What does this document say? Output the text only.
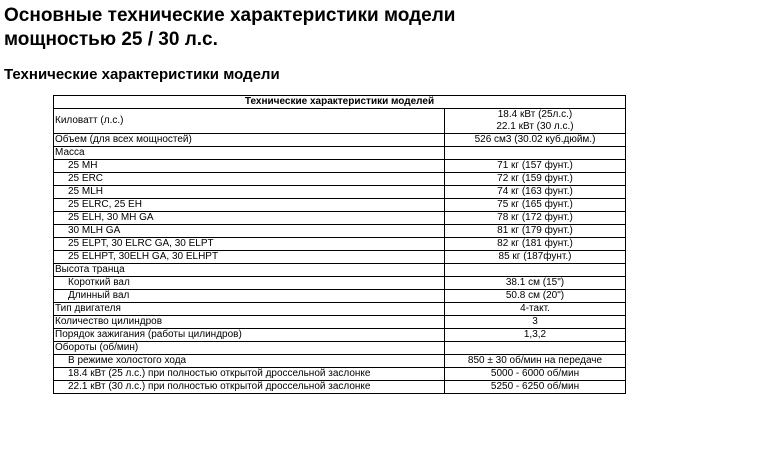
Основные технические характеристики модели
мощностью 25 / 30 л.с.
Технические характеристики модели
Технические характеристики моделей	
Киловатт (л.с.)	18.4 кВт (25л.с.)
22.1 кВт (30 л.с.)
Объем (для всех мощностей)	526 см3 (30.02 куб.дюйм.)
Масса	
25 MH	71 кг (157 фунт.)
25 ERC	72 кг (159 фунт.)
25 MLH	74 кг (163 фунт.)
25 ELRC, 25 EH	75 кг (165 фунт.)
25 ELH, 30 MH GA	78 кг (172 фунт.)
30 MLH GA	81 кг (179 фунт.)
25 ELPT, 30 ELRC GA, 30 ELPT	82 кг (181 фунт.)
25 ELHPT, 30ELH GA, 30 ELHPT	85 кг (187фунт.)
Высота транца	
Короткий вал	38.1 см (15")
Длинный вал	50.8 см (20")
Тип двигателя	4-такт.
Количество цилиндров	3
Порядок зажигания (работы цилиндров)	1,3,2
Обороты (об/мин)	
В режиме холостого хода	850 ± 30 об/мин на передаче
18.4 кВт (25 л.с.) при полностью открытой дроссельной заслонке	5000 - 6000 об/мин
22.1 кВт (30 л.с.) при полностью открытой дроссельной заслонке	5250 - 6250 об/мин
